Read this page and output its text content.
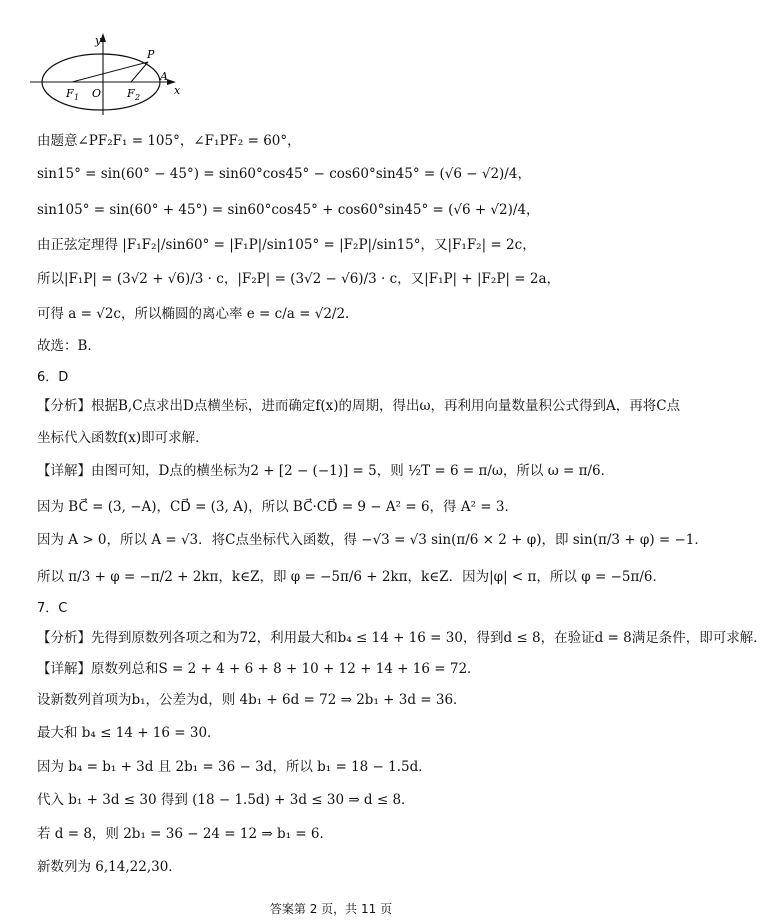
y
x
P
A
F 1 O F 2
由题意∠PF₂F₁ = 105°，∠F₁PF₂ = 60°，
sin15° = sin(60° − 45°) = sin60°cos45° − cos60°sin45° = (√6 − √2)/4，
sin105° = sin(60° + 45°) = sin60°cos45° + cos60°sin45° = (√6 + √2)/4，
由正弦定理得 |F₁F₂|/sin60° = |F₁P|/sin105° = |F₂P|/sin15°，又|F₁F₂| = 2c，
所以|F₁P| = (3√2 + √6)/3 · c，|F₂P| = (3√2 − √6)/3 · c，又|F₁P| + |F₂P| = 2a，
可得 a = √2c，所以椭圆的离心率 e = c/a = √2/2．
故选：B．
6．D
【分析】根据B,C点求出D点横坐标，进而确定f(x)的周期，得出ω，再利用向量数量积公式得到A，再将C点
坐标代入函数f(x)即可求解．
【详解】由图可知，D点的横坐标为2 + [2 − (−1)] = 5，则 ½T = 6 = π/ω，所以 ω = π/6．
因为 BC⃗ = (3, −A)，CD⃗ = (3, A)，所以 BC⃗·CD⃗ = 9 − A² = 6，得 A² = 3．
因为 A > 0，所以 A = √3．将C点坐标代入函数，得 −√3 = √3 sin(π/6 × 2 + φ)，即 sin(π/3 + φ) = −1．
所以 π/3 + φ = −π/2 + 2kπ，k∈Z，即 φ = −5π/6 + 2kπ，k∈Z．因为|φ| < π，所以 φ = −5π/6．
7．C
【分析】先得到原数列各项之和为72，利用最大和b₄ ≤ 14 + 16 = 30，得到d ≤ 8，在验证d = 8满足条件，即可求解．
【详解】原数列总和S = 2 + 4 + 6 + 8 + 10 + 12 + 14 + 16 = 72．
设新数列首项为b₁，公差为d，则 4b₁ + 6d = 72 ⇒ 2b₁ + 3d = 36．
最大和 b₄ ≤ 14 + 16 = 30．
因为 b₄ = b₁ + 3d 且 2b₁ = 36 − 3d，所以 b₁ = 18 − 1.5d．
代入 b₁ + 3d ≤ 30 得到 (18 − 1.5d) + 3d ≤ 30 ⇒ d ≤ 8．
若 d = 8，则 2b₁ = 36 − 24 = 12 ⇒ b₁ = 6．
新数列为 6,14,22,30．
答案第 2 页，共 11 页
